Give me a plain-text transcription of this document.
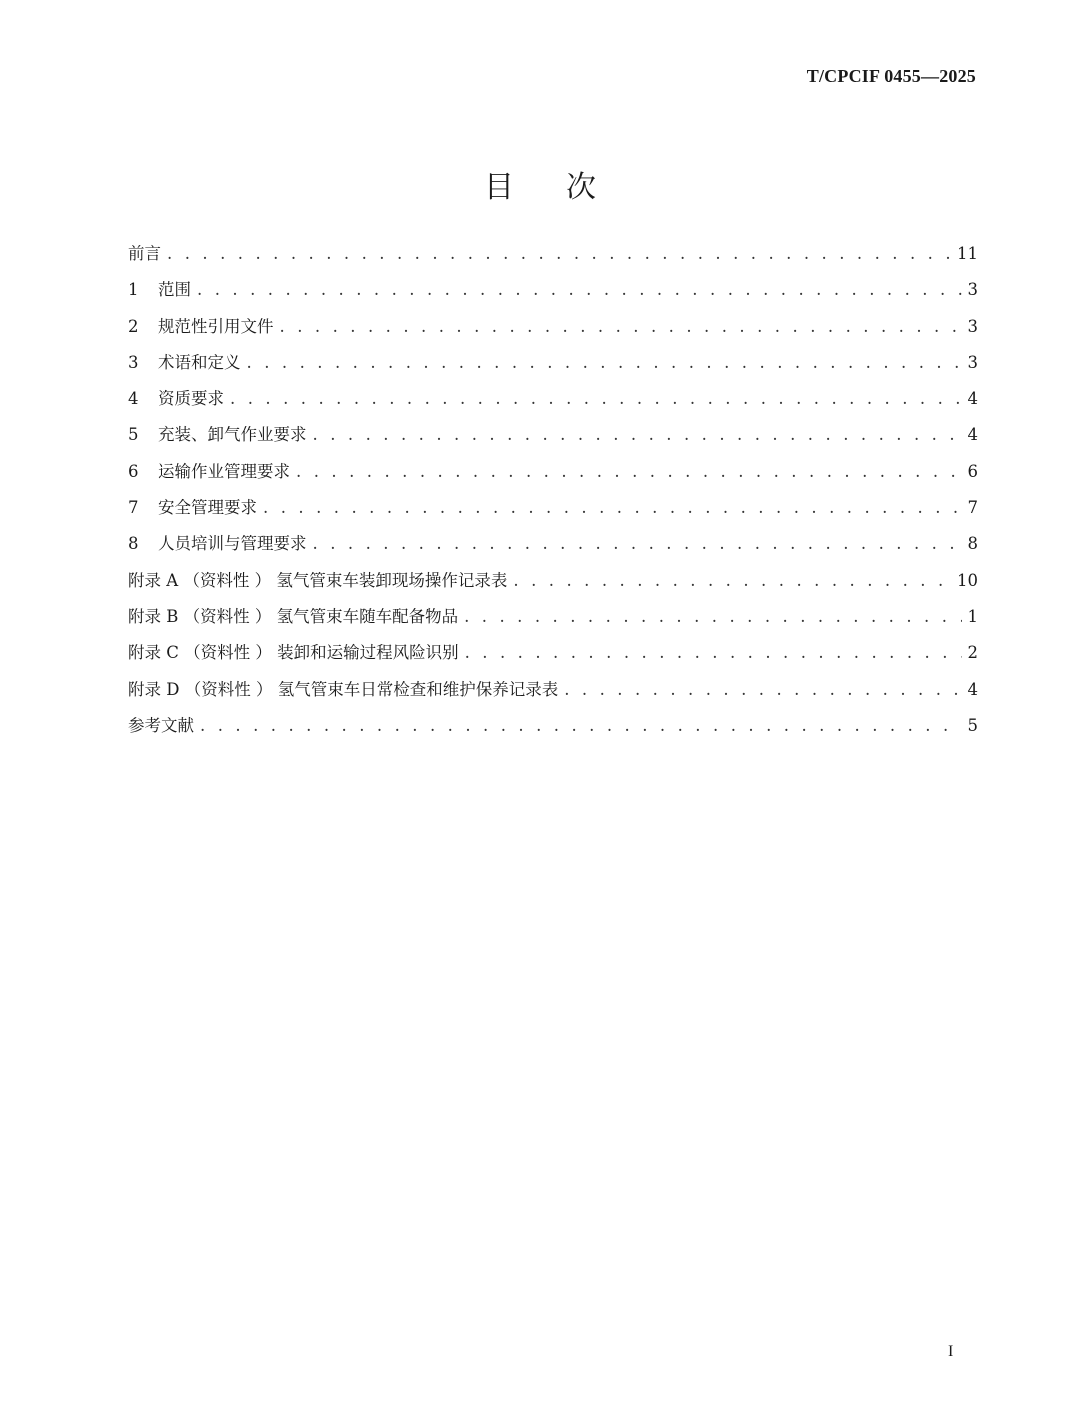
T/CPCIF 0455—2025
目次
前言 . . .	11
1	范围 . . .	3
2	规范性引用文件 . . .	3
3	术语和定义 . . .	3
4	资质要求 . . .	4
5	充装、卸气作业要求 . . .	4
6	运输作业管理要求 . . .	6
7	安全管理要求 . . .	7
8	人员培训与管理要求 . . .	8
附录 A （资料性 ） 氢气管束车装卸现场操作记录表 . . .	10
附录 B （资料性 ） 氢气管束车随车配备物品 . . .	1
附录 C （资料性 ） 装卸和运输过程风险识别 . . .	2
附录 D （资料性 ） 氢气管束车日常检查和维护保养记录表 . . .	4
参考文献 . . .	5
I
